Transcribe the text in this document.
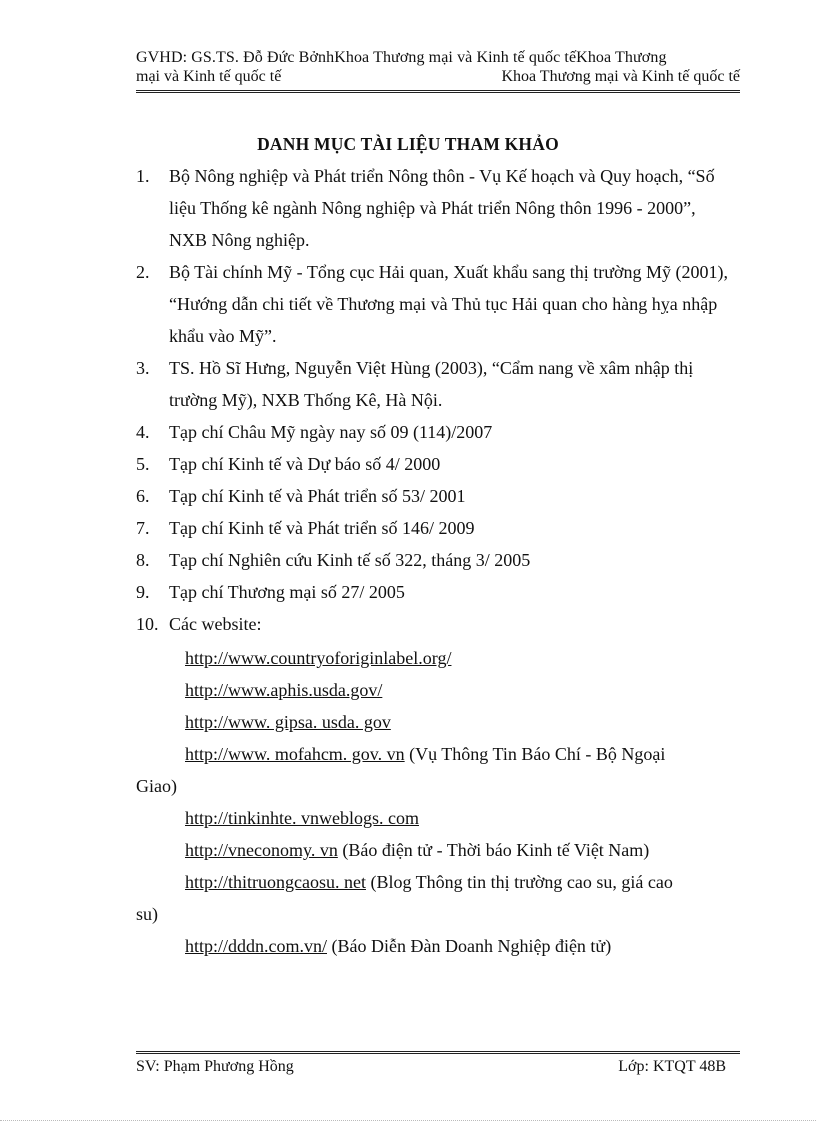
GVHD: GS.TS. Đỗ Đức BởnhKhoa Thương mại và Kinh tế quốc tếKhoa Thương
mại và Kinh tế quốc tế	Khoa Thương mại và Kinh tế quốc tế
DANH MỤC TÀI LIỆU THAM KHẢO
1.	Bộ Nông nghiệp và Phát triển Nông thôn - Vụ Kế hoạch và Quy hoạch, “Số liệu Thống kê ngành Nông nghiệp và Phát triển Nông thôn 1996 - 2000”, NXB Nông nghiệp.
2.	Bộ Tài chính Mỹ - Tổng cục Hải quan, Xuất khẩu sang thị trường Mỹ (2001), “Hướng dẫn chi tiết về Thương mại và Thủ tục Hải quan cho hàng hỵa nhập khẩu vào Mỹ”.
3.	TS. Hồ Sĩ Hưng, Nguyễn Việt Hùng (2003), “Cẩm nang về xâm nhập thị trường Mỹ), NXB Thống Kê, Hà Nội.
4.	Tạp chí Châu Mỹ ngày nay số 09 (114)/2007
5.	Tạp chí Kinh tế và Dự báo số 4/ 2000
6.	Tạp chí Kinh tế và Phát triển số 53/ 2001
7.	Tạp chí Kinh tế và Phát triển số 146/ 2009
8.	Tạp chí Nghiên cứu Kinh tế số 322, tháng 3/ 2005
9.	Tạp chí Thương mại số 27/ 2005
10. Các website:
http://www.countryoforiginlabel.org/
http://www.aphis.usda.gov/
http://www. gipsa. usda. gov
http://www. mofahcm. gov. vn (Vụ Thông Tin Báo Chí - Bộ Ngoại
Giao)
http://tinkinhte. vnweblogs. com
http://vneconomy. vn (Báo điện tử - Thời báo Kinh tế Việt Nam)
http://thitruongcaosu. net (Blog Thông tin thị trường cao su, giá cao
su)
http://dddn.com.vn/ (Báo Diễn Đàn Doanh Nghiệp điện tử)
SV: Phạm Phương Hồng	Lớp: KTQT 48B
